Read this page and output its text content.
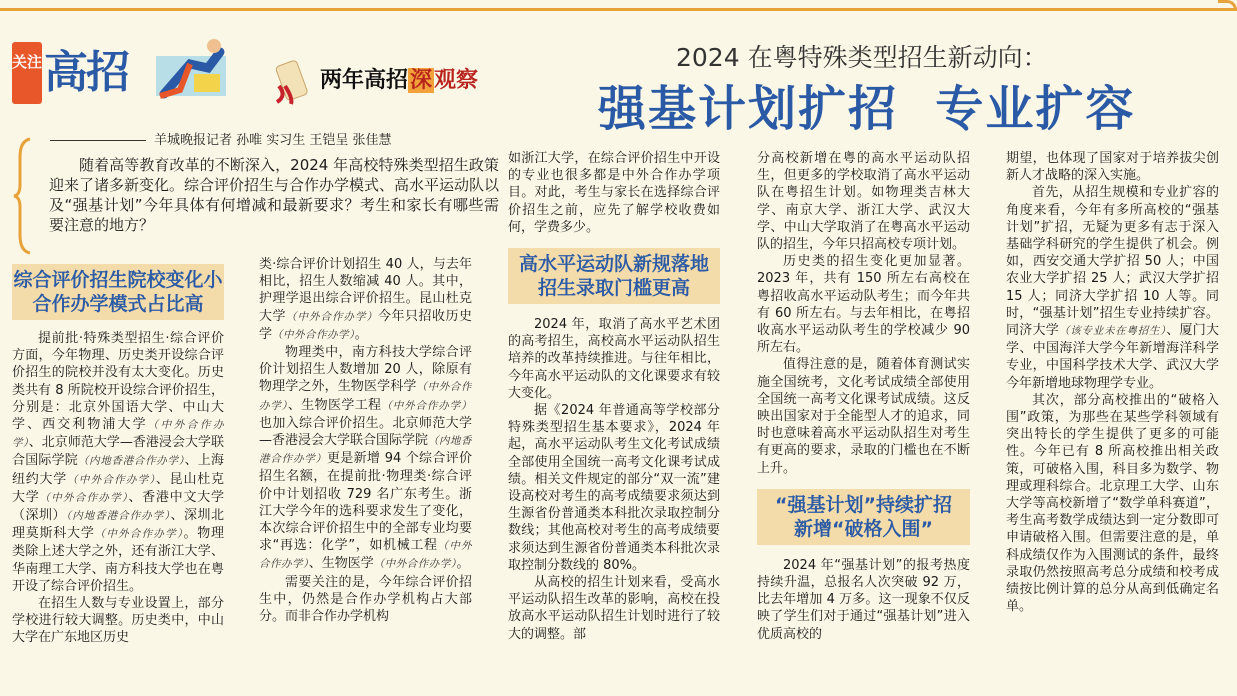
关注 高招	两年高招深观察
2024 在粤特殊类型招生新动向：
强基计划扩招  专业扩容
羊城晚报记者 孙唯 实习生 王铠呈 张佳慧
随着高等教育改革的不断深入，2024 年高校特殊类型招生政策迎来了诸多新变化。综合评价招生与合作办学模式、高水平运动队以及“强基计划”今年具体有何增减和最新要求？考生和家长有哪些需要注意的地方？
综合评价招生院校变化小
合作办学模式占比高

提前批·特殊类型招生·综合评价方面，今年物理、历史类开设综合评价招生的院校并没有太大变化。历史类共有 8 所院校开设综合评价招生，分别是：北京外国语大学、中山大学、西交利物浦大学（中外合作办学）、北京师范大学—香港浸会大学联合国际学院（内地香港合作办学）、上海纽约大学（中外合作办学）、昆山杜克大学（中外合作办学）、香港中文大学（深圳）（内地香港合作办学）、深圳北理莫斯科大学（中外合作办学）。物理类除上述大学之外，还有浙江大学、华南理工大学、南方科技大学也在粤开设了综合评价招生。

在招生人数与专业设置上，部分学校进行较大调整。历史类中，中山大学在广东地区历史

类·综合评价计划招生 40 人，与去年相比，招生人数缩减 40 人。其中，护理学退出综合评价招生。昆山杜克大学（中外合作办学）今年只招收历史学（中外合作办学）。

物理类中，南方科技大学综合评价计划招生人数增加 20 人，除原有物理学之外，生物医学科学（中外合作办学）、生物医学工程（中外合作办学）也加入综合评价招生。北京师范大学—香港浸会大学联合国际学院（内地香港合作办学）更是新增 94 个综合评价招生名额，在提前批·物理类·综合评价中计划招收 729 名广东考生。浙江大学今年的选科要求发生了变化，本次综合评价招生中的全部专业均要求“再选：化学”，如机械工程（中外合作办学）、生物医学（中外合作办学）。

需要关注的是，今年综合评价招生中，仍然是合作办学机构占大部分。而非合作办学机构

如浙江大学，在综合评价招生中开设的专业也很多都是中外合作办学项目。对此，考生与家长在选择综合评价招生之前，应先了解学校收费如何，学费多少。

高水平运动队新规落地
招生录取门槛更高

2024 年，取消了高水平艺术团的高考招生，高校高水平运动队招生培养的改革持续推进。与往年相比，今年高水平运动队的文化课要求有较大变化。

据《2024 年普通高等学校部分特殊类型招生基本要求》，2024 年起，高水平运动队考生文化考试成绩全部使用全国统一高考文化课考试成绩。相关文件规定的部分“双一流”建设高校对考生的高考成绩要求须达到生源省份普通类本科批次录取控制分数线；其他高校对考生的高考成绩要求须达到生源省份普通类本科批次录取控制分数线的 80%。

从高校的招生计划来看，受高水平运动队招生改革的影响，高校在投放高水平运动队招生计划时进行了较大的调整。部

分高校新增在粤的高水平运动队招生，但更多的学校取消了高水平运动队在粤招生计划。如物理类吉林大学、南京大学、浙江大学、武汉大学、中山大学取消了在粤高水平运动队的招生，今年只招高校专项计划。

历史类的招生变化更加显著。2023 年，共有 150 所左右高校在粤招收高水平运动队考生；而今年共有 60 所左右。与去年相比，在粤招收高水平运动队考生的学校减少 90 所左右。

值得注意的是，随着体育测试实施全国统考，文化考试成绩全部使用全国统一高考文化课考试成绩。这反映出国家对于全能型人才的追求，同时也意味着高水平运动队招生对考生有更高的要求，录取的门槛也在不断上升。

“强基计划”持续扩招
新增“破格入围”

2024 年“强基计划”的报考热度持续升温，总报名人次突破 92 万，比去年增加 4 万多。这一现象不仅反映了学生们对于通过“强基计划”进入优质高校的

期望，也体现了国家对于培养拔尖创新人才战略的深入实施。

首先，从招生规模和专业扩容的角度来看，今年有多所高校的“强基计划”扩招，无疑为更多有志于深入基础学科研究的学生提供了机会。例如，西安交通大学扩招 50 人；中国农业大学扩招 25 人；武汉大学扩招 15 人；同济大学扩招 10 人等。同时，“强基计划”招生专业持续扩容。同济大学（该专业未在粤招生）、厦门大学、中国海洋大学今年新增海洋科学专业，中国科学技术大学、武汉大学今年新增地球物理学专业。

其次，部分高校推出的“破格入围”政策，为那些在某些学科领域有突出特长的学生提供了更多的可能性。今年已有 8 所高校推出相关政策，可破格入围，科目多为数学、物理或理科综合。北京理工大学、山东大学等高校新增了“数学单科赛道”，考生高考数学成绩达到一定分数即可申请破格入围。但需要注意的是，单科成绩仅作为入围测试的条件，最终录取仍然按照高考总分成绩和校考成绩按比例计算的总分从高到低确定名单。
